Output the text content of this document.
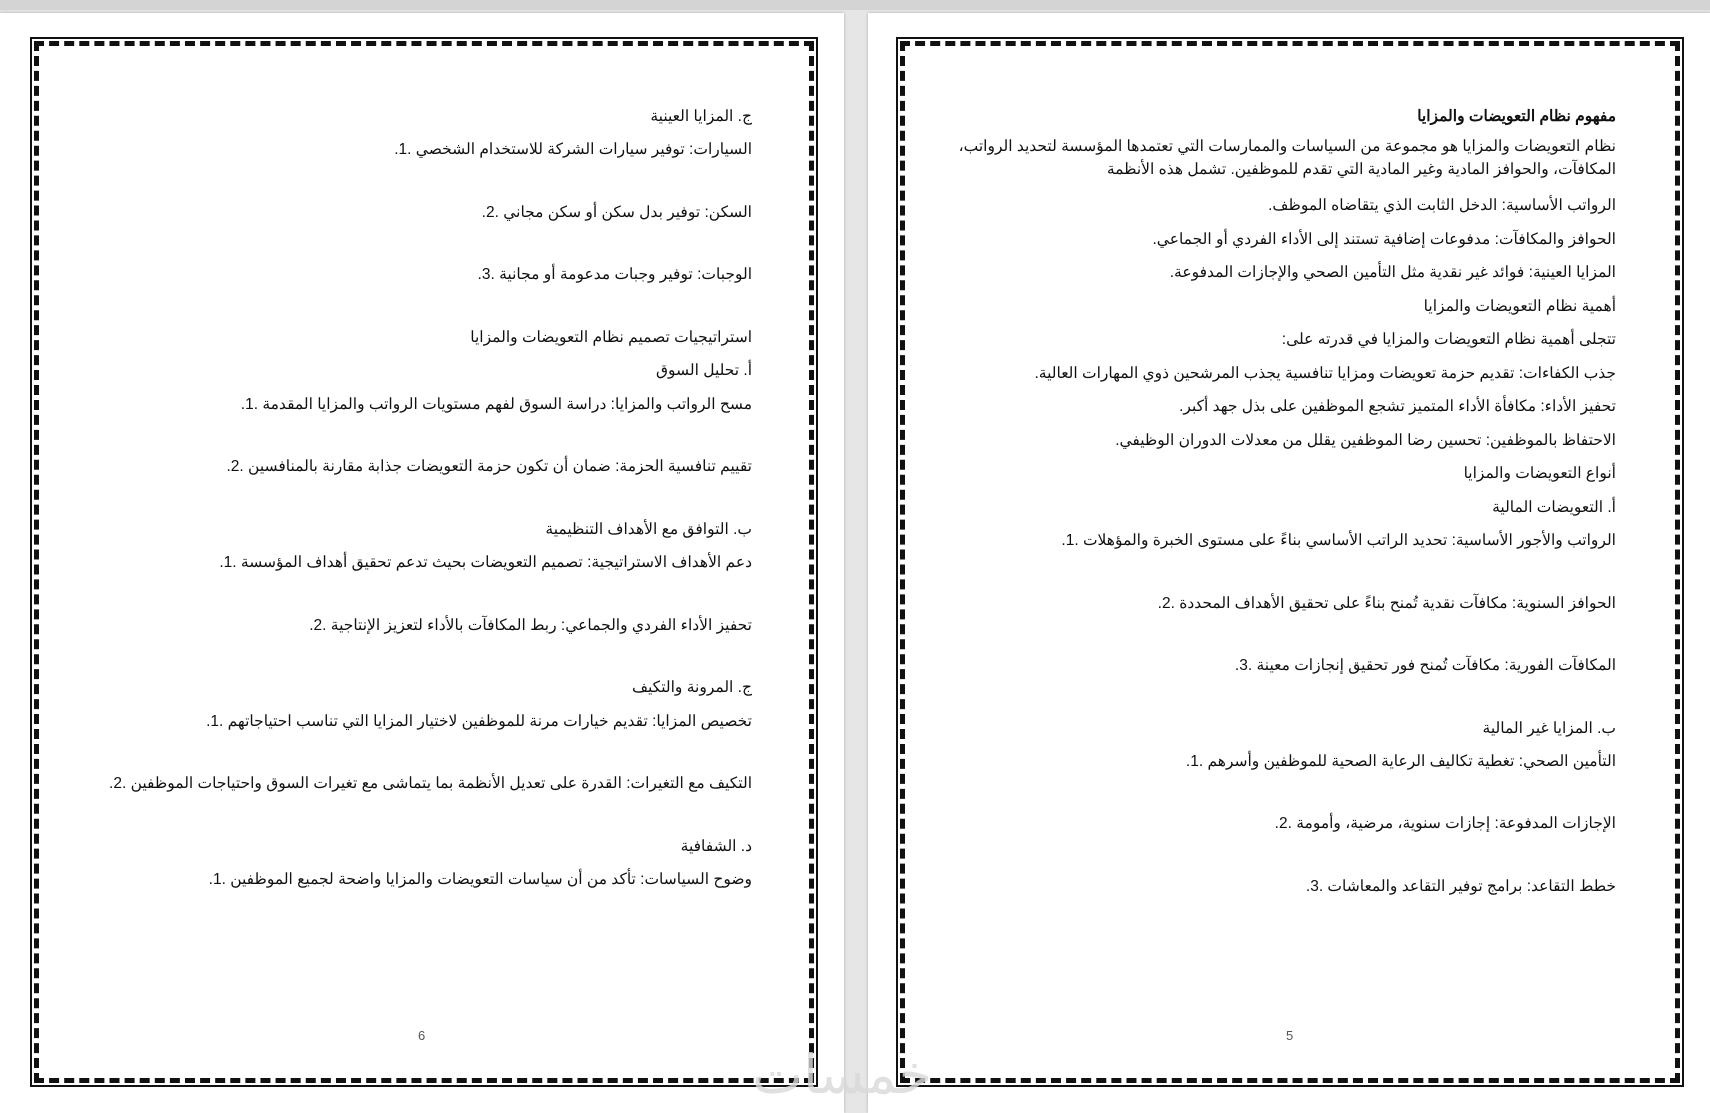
ج. المزايا العينية

السيارات: توفير سيارات الشركة للاستخدام الشخصي .1.

السكن: توفير بدل سكن أو سكن مجاني .2.

الوجبات: توفير وجبات مدعومة أو مجانية .3.

استراتيجيات تصميم نظام التعويضات والمزايا

أ. تحليل السوق

مسح الرواتب والمزايا: دراسة السوق لفهم مستويات الرواتب والمزايا المقدمة .1.

تقييم تنافسية الحزمة: ضمان أن تكون حزمة التعويضات جذابة مقارنة بالمنافسين .2.

ب. التوافق مع الأهداف التنظيمية

دعم الأهداف الاستراتيجية: تصميم التعويضات بحيث تدعم تحقيق أهداف المؤسسة .1.

تحفيز الأداء الفردي والجماعي: ربط المكافآت بالأداء لتعزيز الإنتاجية .2.

ج. المرونة والتكيف

تخصيص المزايا: تقديم خيارات مرنة للموظفين لاختيار المزايا التي تناسب احتياجاتهم .1.

التكيف مع التغيرات: القدرة على تعديل الأنظمة بما يتماشى مع تغيرات السوق واحتياجات الموظفين .2.

د. الشفافية

وضوح السياسات: تأكد من أن سياسات التعويضات والمزايا واضحة لجميع الموظفين .1.

6

مفهوم نظام التعويضات والمزايا

نظام التعويضات والمزايا هو مجموعة من السياسات والممارسات التي تعتمدها المؤسسة لتحديد الرواتب، المكافآت، والحوافز المادية وغير المادية التي تقدم للموظفين. تشمل هذه الأنظمة

الرواتب الأساسية: الدخل الثابت الذي يتقاضاه الموظف.

الحوافز والمكافآت: مدفوعات إضافية تستند إلى الأداء الفردي أو الجماعي.

المزايا العينية: فوائد غير نقدية مثل التأمين الصحي والإجازات المدفوعة.

أهمية نظام التعويضات والمزايا

تتجلى أهمية نظام التعويضات والمزايا في قدرته على:

جذب الكفاءات: تقديم حزمة تعويضات ومزايا تنافسية يجذب المرشحين ذوي المهارات العالية.

تحفيز الأداء: مكافأة الأداء المتميز تشجع الموظفين على بذل جهد أكبر.

الاحتفاظ بالموظفين: تحسين رضا الموظفين يقلل من معدلات الدوران الوظيفي.

أنواع التعويضات والمزايا

أ. التعويضات المالية

الرواتب والأجور الأساسية: تحديد الراتب الأساسي بناءً على مستوى الخبرة والمؤهلات .1.

الحوافز السنوية: مكافآت نقدية تُمنح بناءً على تحقيق الأهداف المحددة .2.

المكافآت الفورية: مكافآت تُمنح فور تحقيق إنجازات معينة .3.

ب. المزايا غير المالية

التأمين الصحي: تغطية تكاليف الرعاية الصحية للموظفين وأسرهم .1.

الإجازات المدفوعة: إجازات سنوية، مرضية، وأمومة .2.

خطط التقاعد: برامج توفير التقاعد والمعاشات .3.

5
خمسات
